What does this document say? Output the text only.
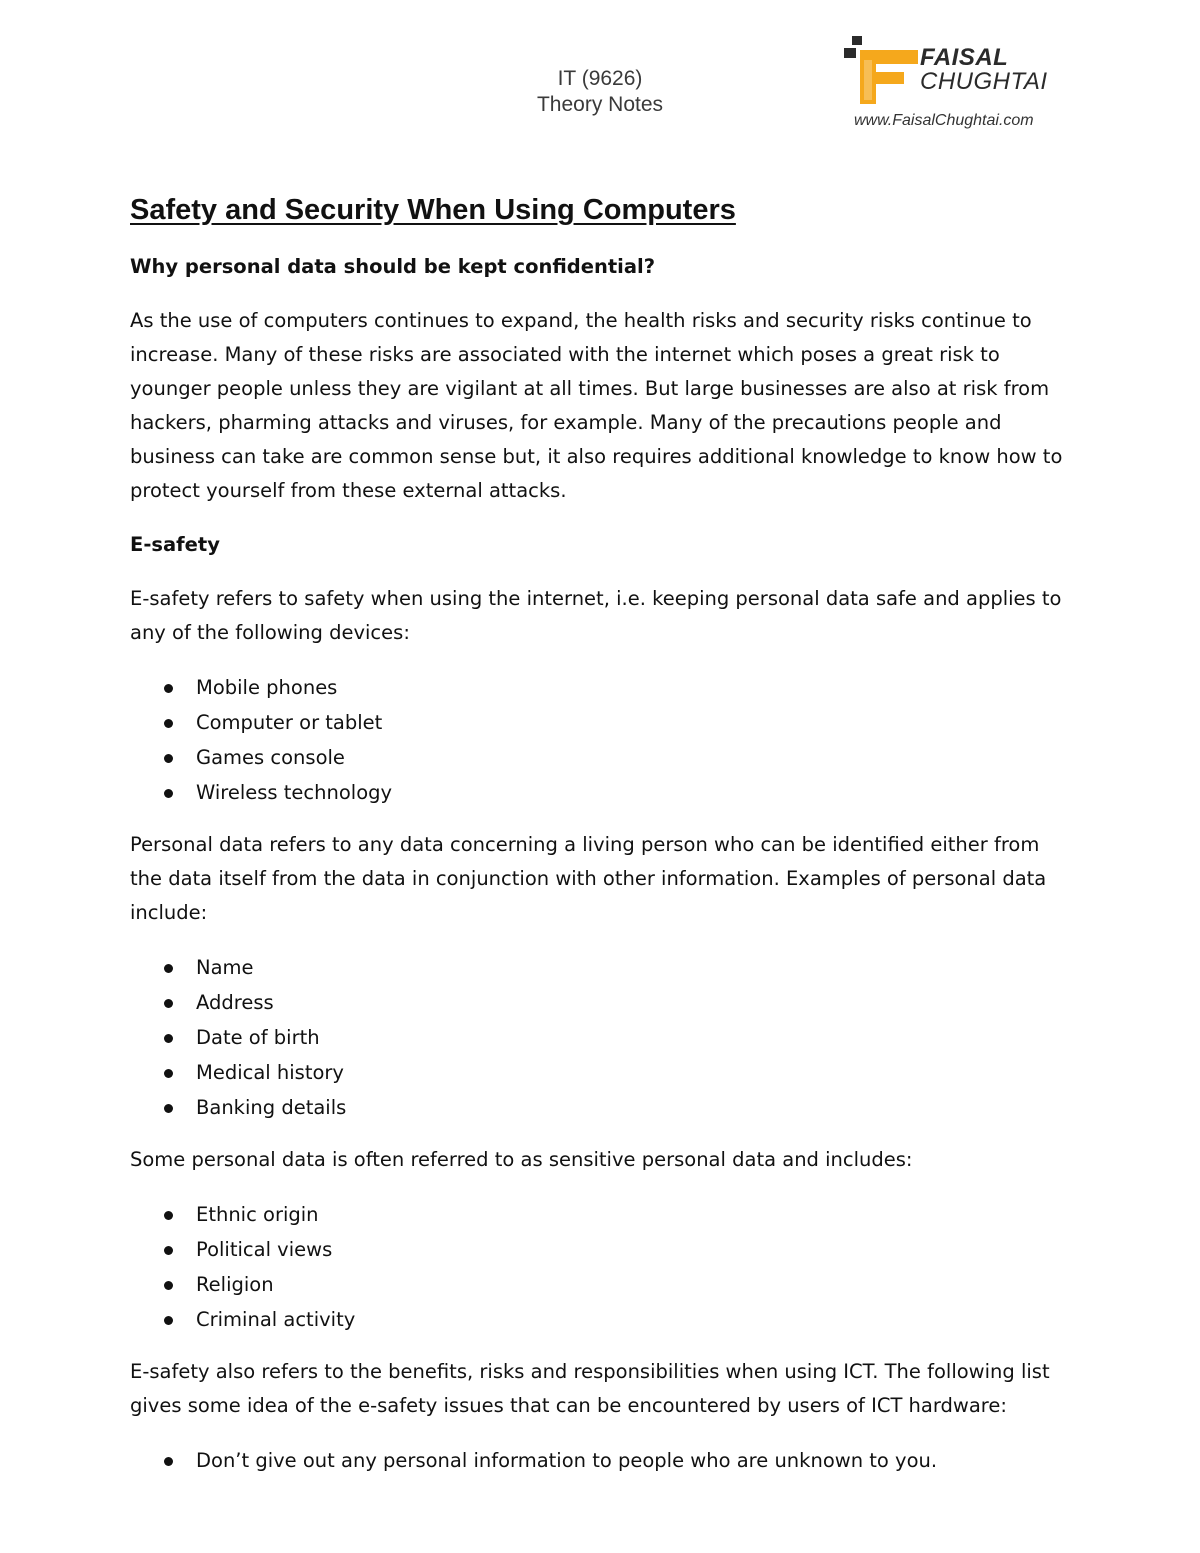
IT (9626)
Theory Notes
FAISAL
CHUGHTAI
www.FaisalChughtai.com
Safety and Security When Using Computers
Why personal data should be kept confidential?
As the use of computers continues to expand, the health risks and security risks continue to increase. Many of these risks are associated with the internet which poses a great risk to younger people unless they are vigilant at all times. But large businesses are also at risk from hackers, pharming attacks and viruses, for example. Many of the precautions people and business can take are common sense but, it also requires additional knowledge to know how to protect yourself from these external attacks.
E-safety
E-safety refers to safety when using the internet, i.e. keeping personal data safe and applies to any of the following devices:
Mobile phones
Computer or tablet
Games console
Wireless technology
Personal data refers to any data concerning a living person who can be identified either from the data itself from the data in conjunction with other information. Examples of personal data include:
Name
Address
Date of birth
Medical history
Banking details
Some personal data is often referred to as sensitive personal data and includes:
Ethnic origin
Political views
Religion
Criminal activity
E-safety also refers to the benefits, risks and responsibilities when using ICT. The following list gives some idea of the e-safety issues that can be encountered by users of ICT hardware:
Don’t give out any personal information to people who are unknown to you.
